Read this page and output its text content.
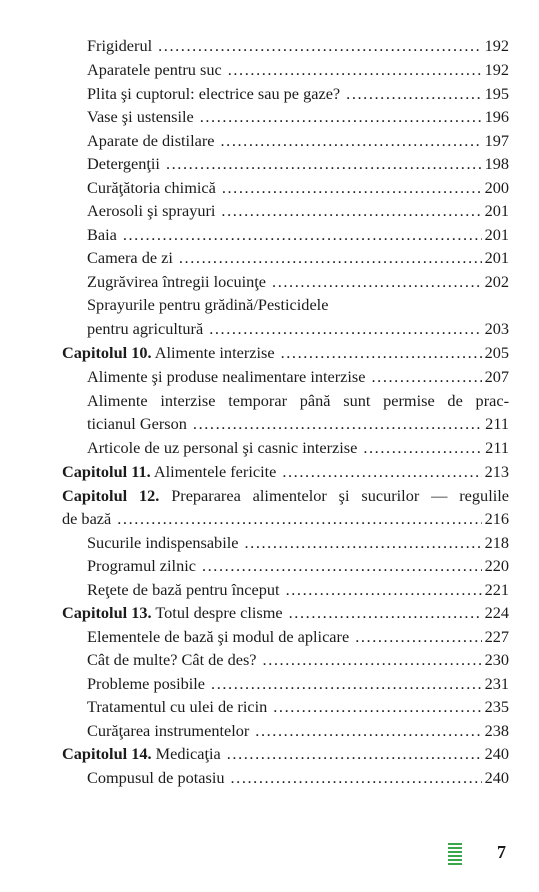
Frigiderul .....	192
Aparatele pentru suc .....	192
Plita şi cuptorul: electrice sau pe gaze? .....	195
Vase şi ustensile .....	196
Aparate de distilare .....	197
Detergenţii .....	198
Curăţătoria chimică .....	200
Aerosoli şi sprayuri .....	201
Baia .....	201
Camera de zi .....	201
Zugrăvirea întregii locuinţe .....	202
Sprayurile pentru grădină/Pesticidele
pentru agricultură .....	203
Capitolul 10. Alimente interzise .....	205
Alimente şi produse nealimentare interzise .....	207
Alimente interzise temporar până sunt permise de prac-
ticianul Gerson .....	211
Articole de uz personal şi casnic interzise .....	211
Capitolul 11. Alimentele fericite .....	213
Capitolul 12. Prepararea alimentelor şi sucurilor — regulile
de bază .....	216
Sucurile indispensabile .....	218
Programul zilnic .....	220
Reţete de bază pentru început .....	221
Capitolul 13. Totul despre clisme .....	224
Elementele de bază şi modul de aplicare .....	227
Cât de multe? Cât de des? .....	230
Probleme posibile .....	231
Tratamentul cu ulei de ricin .....	235
Curăţarea instrumentelor .....	238
Capitolul 14. Medicaţia .....	240
Compusul de potasiu .....	240
7
